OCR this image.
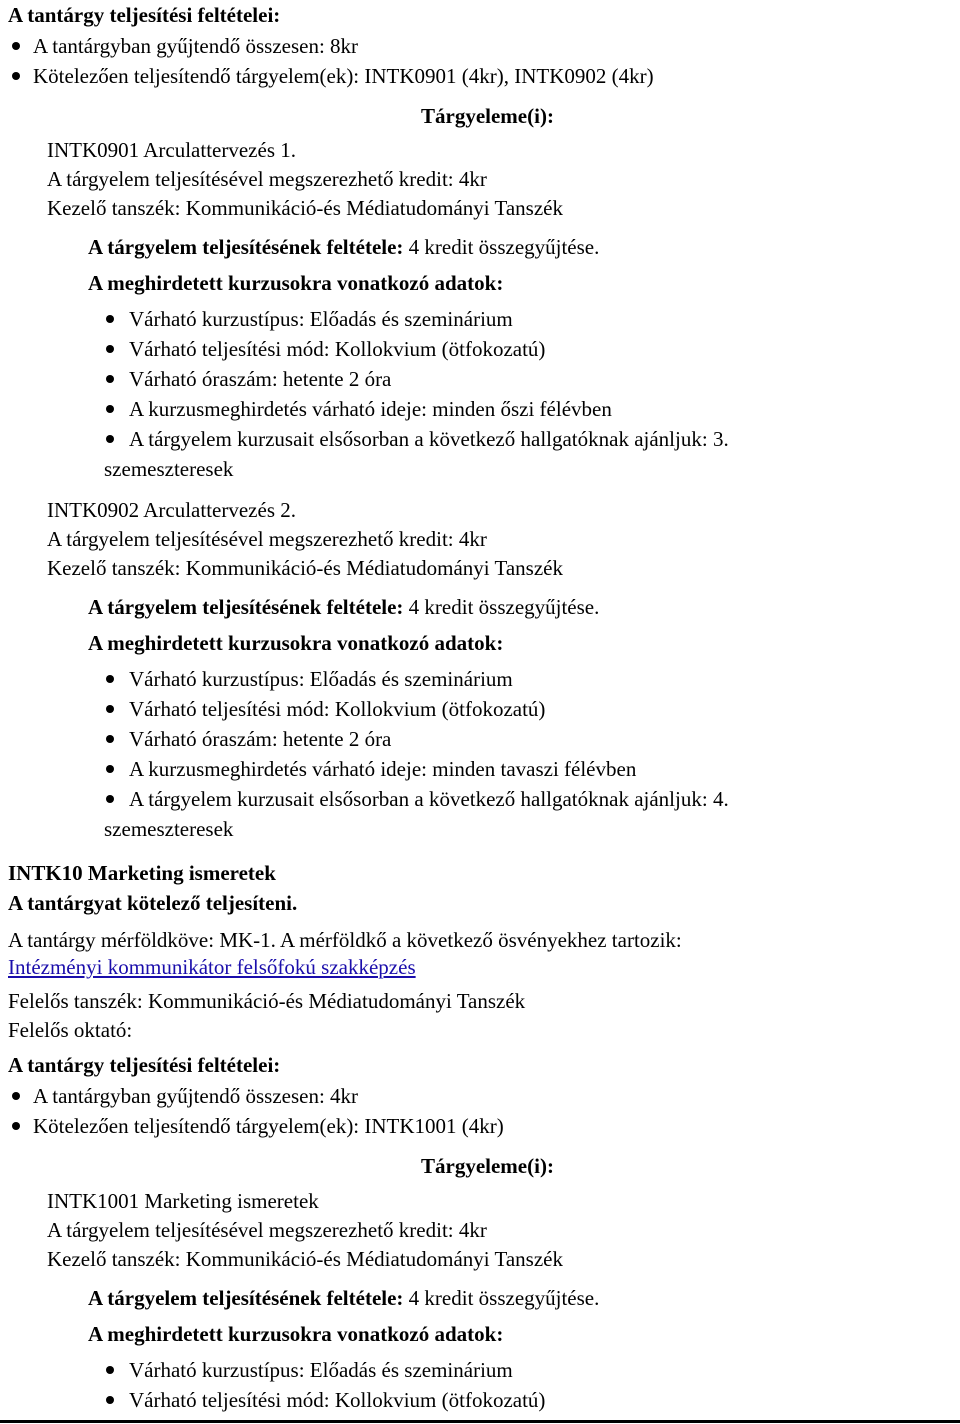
A tantárgy teljesítési feltételei:
A tantárgyban gyűjtendő összesen: 8kr
Kötelezően teljesítendő tárgyelem(ek): INTK0901 (4kr), INTK0902 (4kr)
Tárgyeleme(i):
INTK0901 Arculattervezés 1.
A tárgyelem teljesítésével megszerezhető kredit: 4kr
Kezelő tanszék: Kommunikáció-és Médiatudományi Tanszék
A tárgyelem teljesítésének feltétele: 4 kredit összegyűjtése.
A meghirdetett kurzusokra vonatkozó adatok:
Várható kurzustípus: Előadás és szeminárium
Várható teljesítési mód: Kollokvium (ötfokozatú)
Várható óraszám: hetente 2 óra
A kurzusmeghirdetés várható ideje: minden őszi félévben
A tárgyelem kurzusait elsősorban a következő hallgatóknak ajánljuk: 3.
szemeszteresek
INTK0902 Arculattervezés 2.
A tárgyelem teljesítésével megszerezhető kredit: 4kr
Kezelő tanszék: Kommunikáció-és Médiatudományi Tanszék
A tárgyelem teljesítésének feltétele: 4 kredit összegyűjtése.
A meghirdetett kurzusokra vonatkozó adatok:
Várható kurzustípus: Előadás és szeminárium
Várható teljesítési mód: Kollokvium (ötfokozatú)
Várható óraszám: hetente 2 óra
A kurzusmeghirdetés várható ideje: minden tavaszi félévben
A tárgyelem kurzusait elsősorban a következő hallgatóknak ajánljuk: 4.
szemeszteresek
INTK10 Marketing ismeretek
A tantárgyat kötelező teljesíteni.
A tantárgy mérföldköve: MK-1. A mérföldkő a következő ösvényekhez tartozik:
Intézményi kommunikátor felsőfokú szakképzés
Felelős tanszék: Kommunikáció-és Médiatudományi Tanszék
Felelős oktató:
A tantárgy teljesítési feltételei:
A tantárgyban gyűjtendő összesen: 4kr
Kötelezően teljesítendő tárgyelem(ek): INTK1001 (4kr)
Tárgyeleme(i):
INTK1001 Marketing ismeretek
A tárgyelem teljesítésével megszerezhető kredit: 4kr
Kezelő tanszék: Kommunikáció-és Médiatudományi Tanszék
A tárgyelem teljesítésének feltétele: 4 kredit összegyűjtése.
A meghirdetett kurzusokra vonatkozó adatok:
Várható kurzustípus: Előadás és szeminárium
Várható teljesítési mód: Kollokvium (ötfokozatú)
